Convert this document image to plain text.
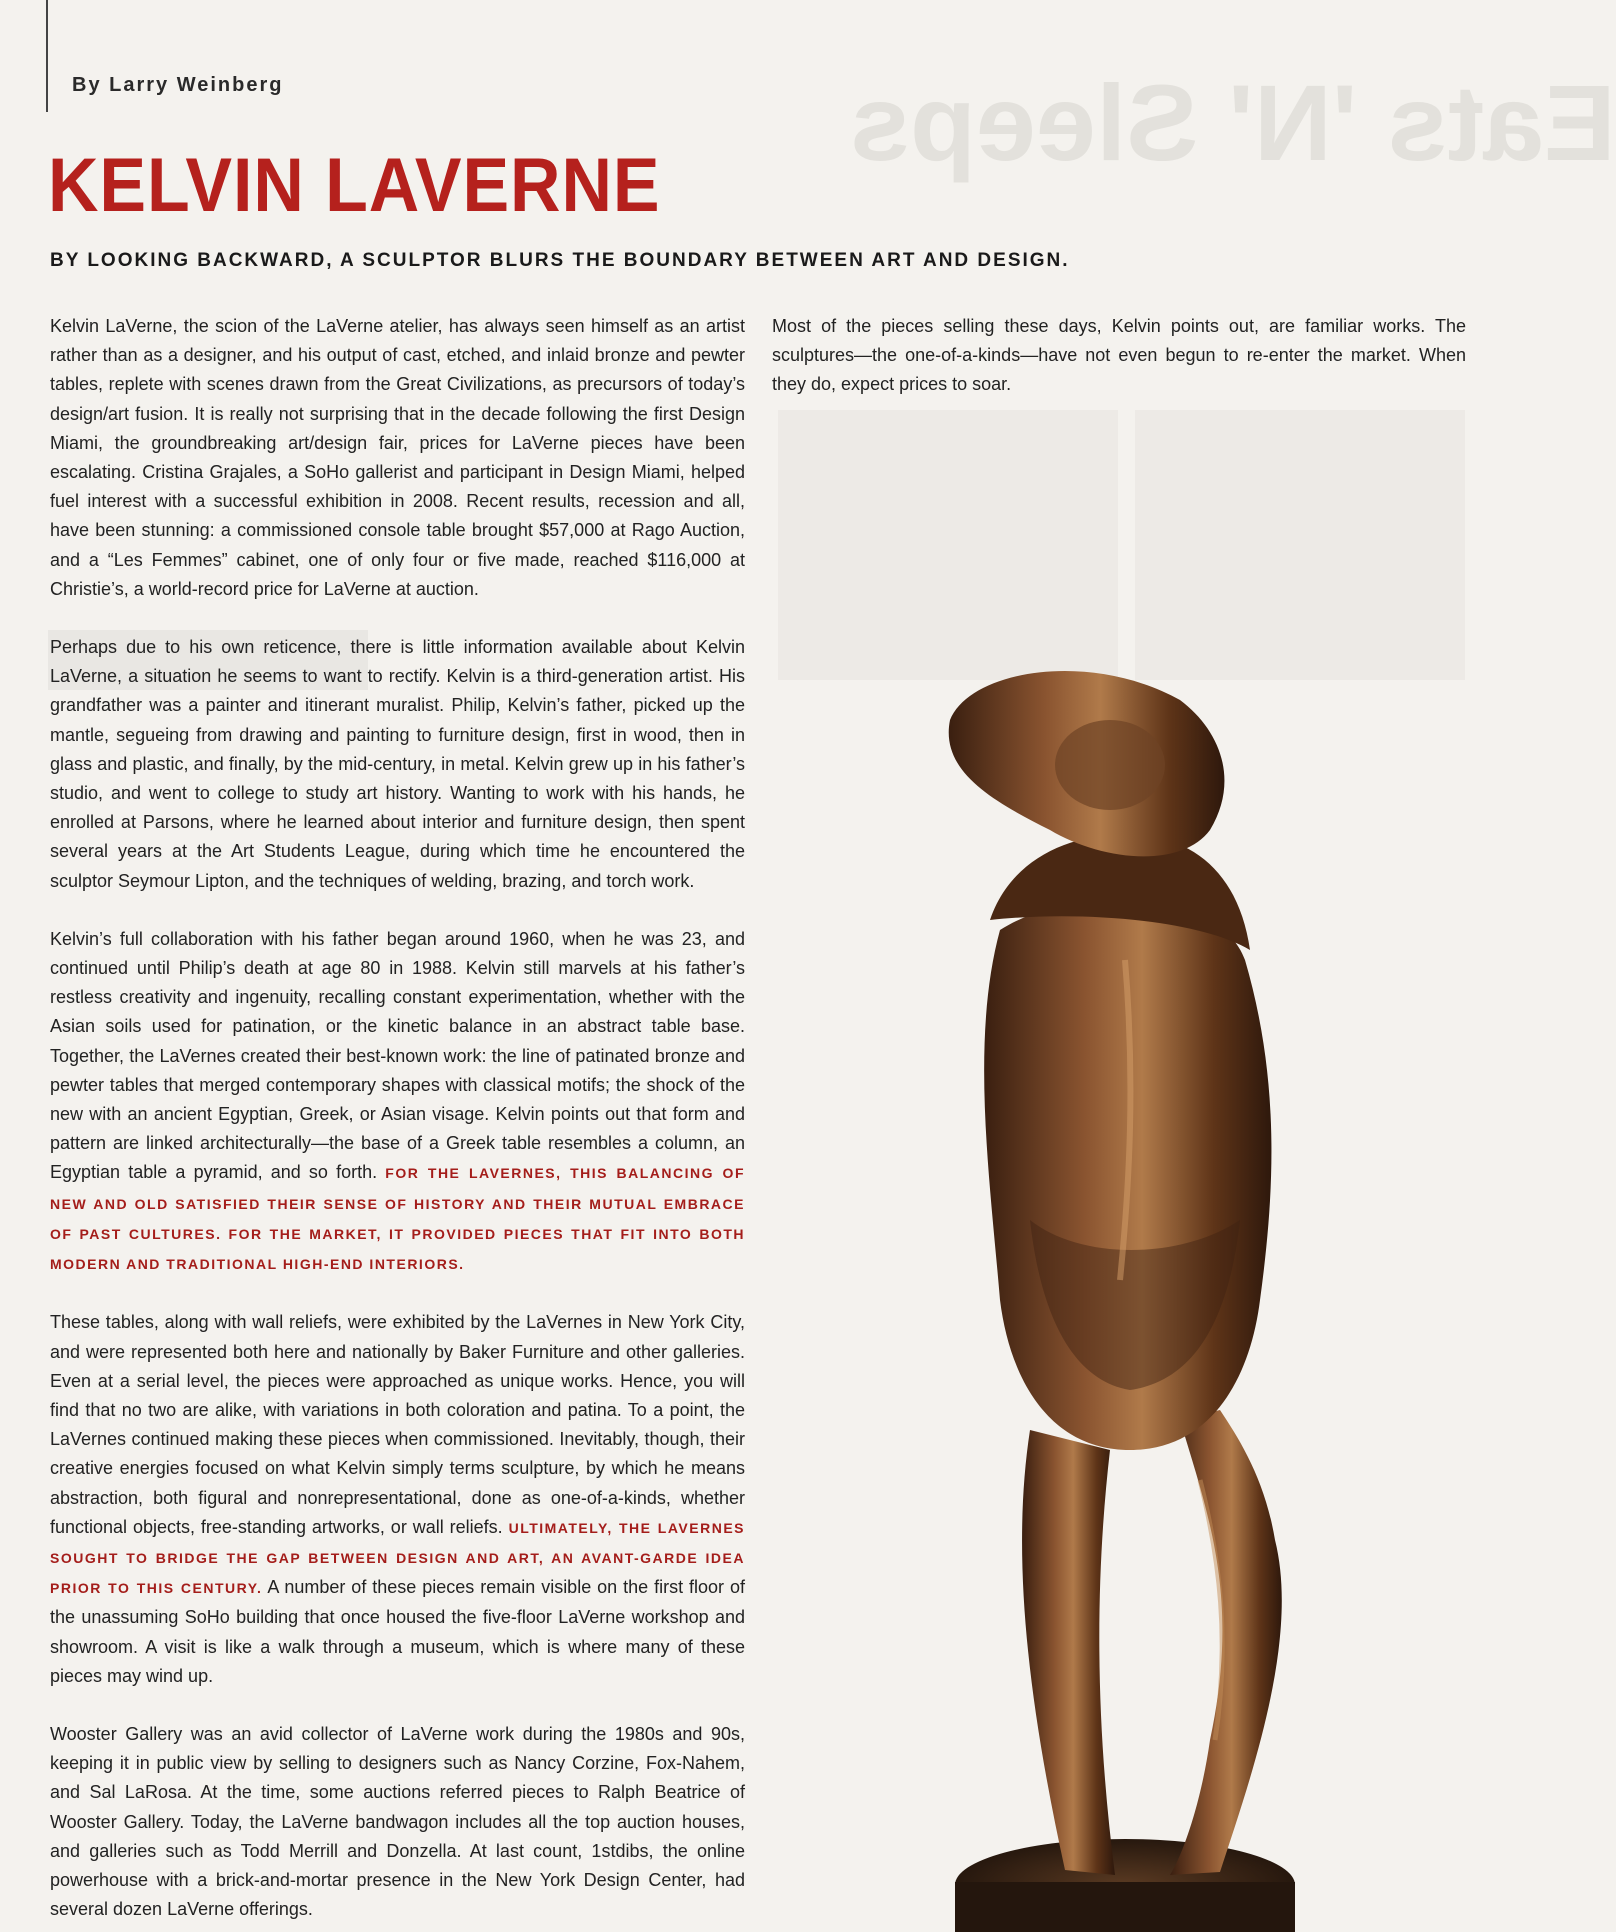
Eats 'N' Sleeps
By Larry Weinberg
KELVIN LAVERNE
BY LOOKING BACKWARD, A SCULPTOR BLURS THE BOUNDARY BETWEEN ART AND DESIGN.

Kelvin LaVerne, the scion of the LaVerne atelier, has always seen himself as an artist rather than as a designer, and his output of cast, etched, and inlaid bronze and pewter tables, replete with scenes drawn from the Great Civilizations, as precursors of today’s design/art fusion. It is really not surprising that in the decade following the first Design Miami, the groundbreaking art/design fair, prices for LaVerne pieces have been escalating. Cristina Grajales, a SoHo gallerist and participant in Design Miami, helped fuel interest with a successful exhibition in 2008. Recent results, recession and all, have been stunning: a commissioned console table brought $57,000 at Rago Auction, and a “Les Femmes” cabinet, one of only four or five made, reached $116,000 at Christie’s, a world-record price for LaVerne at auction.

Perhaps due to his own reticence, there is little information available about Kelvin LaVerne, a situation he seems to want to rectify. Kelvin is a third-generation artist. His grandfather was a painter and itinerant muralist. Philip, Kelvin’s father, picked up the mantle, segueing from drawing and painting to furniture design, first in wood, then in glass and plastic, and finally, by the mid-century, in metal. Kelvin grew up in his father’s studio, and went to college to study art history. Wanting to work with his hands, he enrolled at Parsons, where he learned about interior and furniture design, then spent several years at the Art Students League, during which time he encountered the sculptor Seymour Lipton, and the techniques of welding, brazing, and torch work.

Kelvin’s full collaboration with his father began around 1960, when he was 23, and continued until Philip’s death at age 80 in 1988. Kelvin still marvels at his father’s restless creativity and ingenuity, recalling constant experimentation, whether with the Asian soils used for patination, or the kinetic balance in an abstract table base. Together, the LaVernes created their best-known work: the line of patinated bronze and pewter tables that merged contemporary shapes with classical motifs; the shock of the new with an ancient Egyptian, Greek, or Asian visage. Kelvin points out that form and pattern are linked architecturally—the base of a Greek table resembles a column, an Egyptian table a pyramid, and so forth. FOR THE LAVERNES, THIS BALANCING OF NEW AND OLD SATISFIED THEIR SENSE OF HISTORY AND THEIR MUTUAL EMBRACE OF PAST CULTURES. FOR THE MARKET, IT PROVIDED PIECES THAT FIT INTO BOTH MODERN AND TRADITIONAL HIGH-END INTERIORS.

These tables, along with wall reliefs, were exhibited by the LaVernes in New York City, and were represented both here and nationally by Baker Furniture and other galleries. Even at a serial level, the pieces were approached as unique works. Hence, you will find that no two are alike, with variations in both coloration and patina. To a point, the LaVernes continued making these pieces when commissioned. Inevitably, though, their creative energies focused on what Kelvin simply terms sculpture, by which he means abstraction, both figural and nonrepresentational, done as one-of-a-kinds, whether functional objects, free-standing artworks, or wall reliefs. ULTIMATELY, THE LAVERNES SOUGHT TO BRIDGE THE GAP BETWEEN DESIGN AND ART, AN AVANT-GARDE IDEA PRIOR TO THIS CENTURY. A number of these pieces remain visible on the first floor of the unassuming SoHo building that once housed the five-floor LaVerne workshop and showroom. A visit is like a walk through a museum, which is where many of these pieces may wind up.

Wooster Gallery was an avid collector of LaVerne work during the 1980s and 90s, keeping it in public view by selling to designers such as Nancy Corzine, Fox-Nahem, and Sal LaRosa. At the time, some auctions referred pieces to Ralph Beatrice of Wooster Gallery. Today, the LaVerne bandwagon includes all the top auction houses, and galleries such as Todd Merrill and Donzella. At last count, 1stdibs, the online powerhouse with a brick-and-mortar presence in the New York Design Center, had several dozen LaVerne offerings.

Most of the pieces selling these days, Kelvin points out, are familiar works. The sculptures—the one-of-a-kinds—have not even begun to re-enter the market. When they do, expect prices to soar.
